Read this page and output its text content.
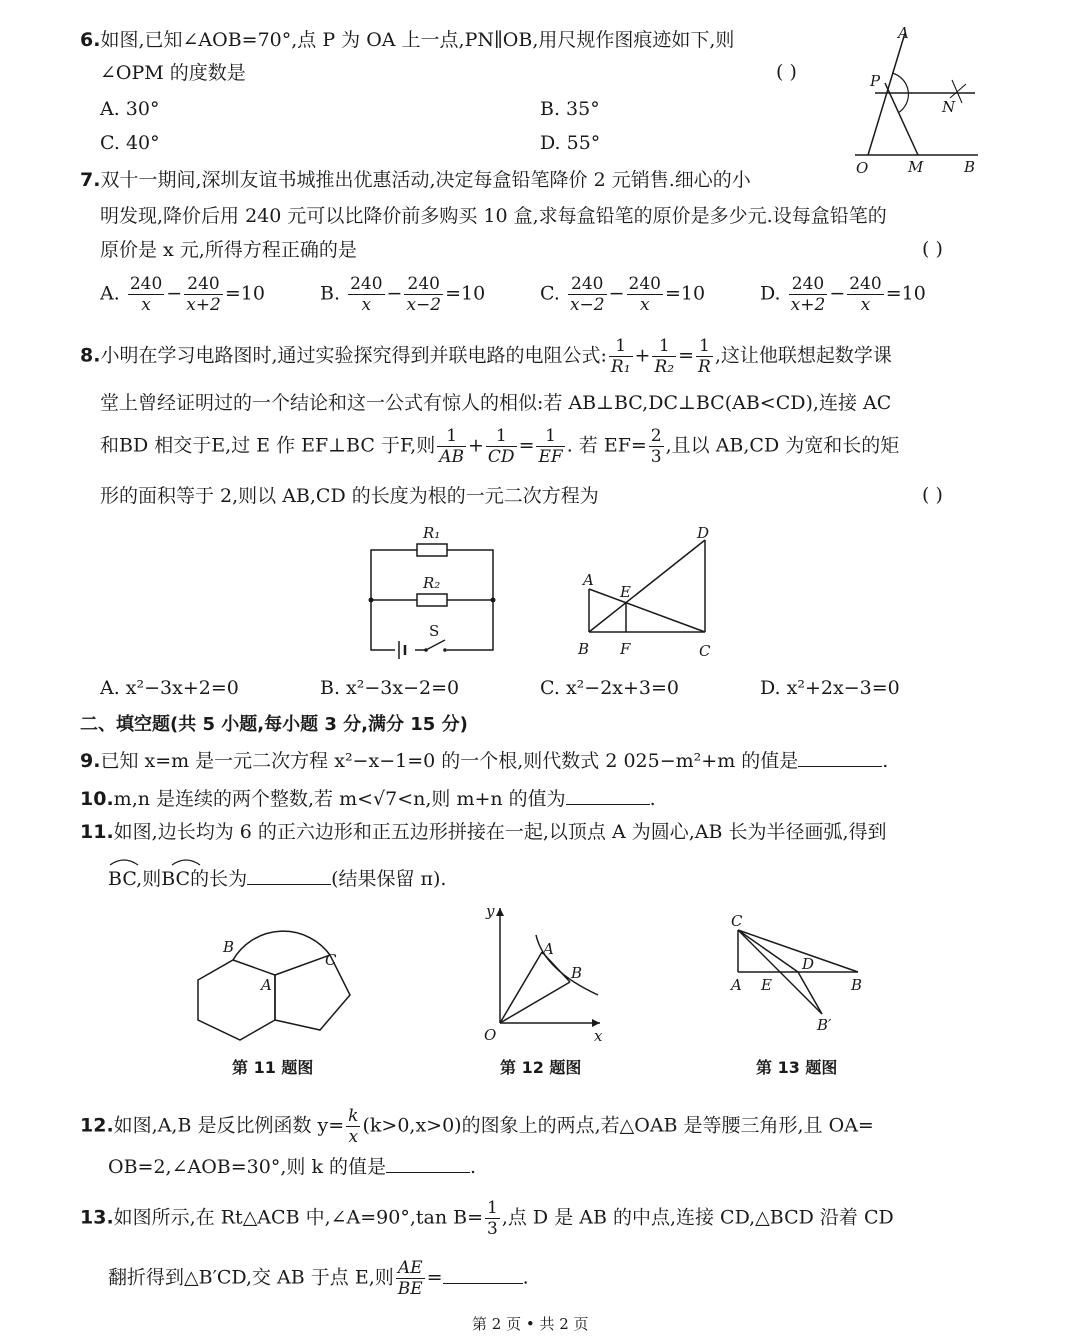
6.如图,已知∠AOB=70°,点 P 为 OA 上一点,PN∥OB,用尺规作图痕迹如下,则
∠OPM 的度数是	( )
A. 30°	B. 35°
C. 40°	D. 55°
A
P
N
O	M	B
7.双十一期间,深圳友谊书城推出优惠活动,决定每盒铅笔降价 2 元销售.细心的小
明发现,降价后用 240 元可以比降价前多购买 10 盒,求每盒铅笔的原价是多少元.设每盒铅笔的
原价是 x 元,所得方程正确的是	( )
A. $\frac{240}{x} - \frac{240}{x+2} =10$	B. $\frac{240}{x} - \frac{240}{x-2} =10$	C. $\frac{240}{x-2} - \frac{240}{x} =10$	D. $\frac{240}{x+2} - \frac{240}{x} =10$
8.小明在学习电路图时,通过实验探究得到并联电路的电阻公式: $\frac{1}{\text{R₁}} + \frac{1}{\text{R₂}} = \frac{1}{R}$ ,这让他联想起数学课
堂上曾经证明过的一个结论和这一公式有惊人的相似:若 AB⊥BC,DC⊥BC(AB<CD),连接 AC
和BD 相交于E,过 E 作 EF⊥BC 于F,则 $\frac{1}{AB} + \frac{1}{CD} = \frac{1}{EF}$ . 若 $EF= \frac{2}{3}$ ,且以 AB,CD 为宽和长的矩
形的面积等于 2,则以 AB,CD 的长度为根的一元二次方程为	( )
R₁
R₂
S
A
B	C
D
E
F
A. x²−3x+2=0	B. x²−3x−2=0	C. x²−2x+3=0	D. x²+2x−3=0
二、填空题(共 5 小题,每小题 3 分,满分 15 分)
9.已知 x=m 是一元二次方程 x²−x−1=0 的一个根,则代数式 2 025−m²+m 的值是	.
10.m,n 是连续的两个整数,若 m<√7<n,则 m+n 的值为	.
11.如图,边长均为 6 的正六边形和正五边形拼接在一起,以顶点 A 为圆心,AB 长为半径画弧,得到
BC,则BC的长为	(结果保留 π).
B
C
A
第 11 题图
y
x
O
A
B
第 12 题图
C
A E
D
B
B′
第 13 题图
12.如图,A,B 是反比例函数 $y= \frac{k}{x} (k>0,x>0)$的图象上的两点,若△OAB 是等腰三角形,且 OA=
OB=2,∠AOB=30°,则 k 的值是	.
13.如图所示,在 Rt△ACB 中,∠A=90°,tan $B= \frac{1}{3}$ ,点 D 是 AB 的中点,连接 CD,△BCD 沿着 CD
翻折得到△B′CD,交 AB 于点 E,则 $\frac{AE}{BE}$ =	.
第 2 页 • 共 2 页
